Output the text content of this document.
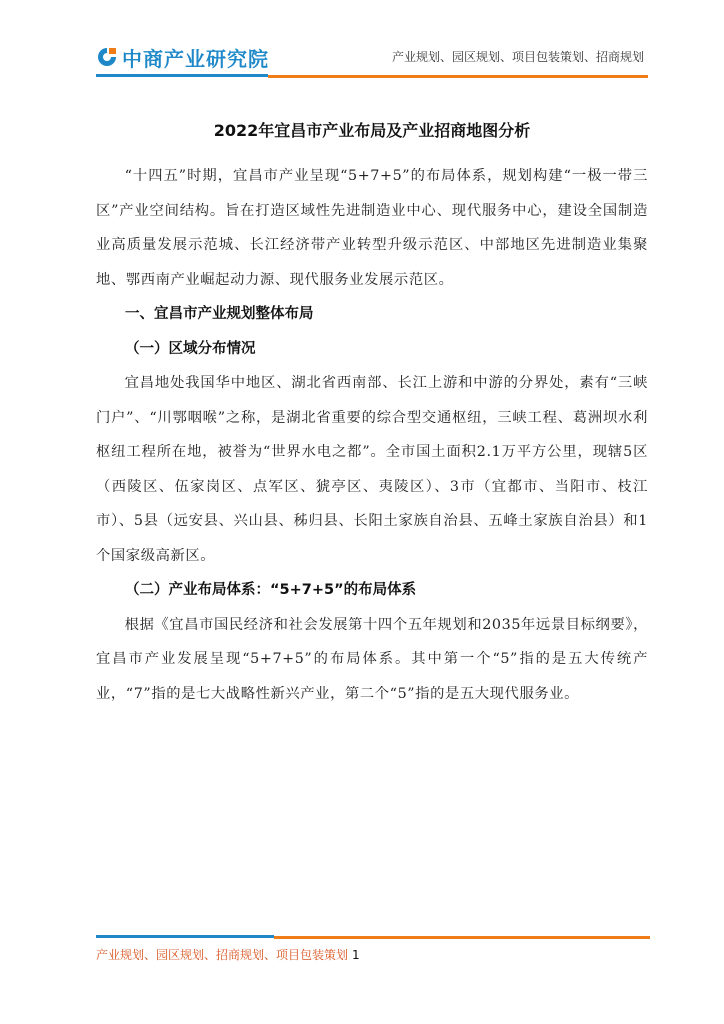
中商产业研究院	产业规划、园区规划、项目包装策划、招商规划
2022年宜昌市产业布局及产业招商地图分析

“十四五”时期，宜昌市产业呈现“5+7+5”的布局体系，规划构建“一极一带三区”产业空间结构。旨在打造区域性先进制造业中心、现代服务中心，建设全国制造业高质量发展示范城、长江经济带产业转型升级示范区、中部地区先进制造业集聚地、鄂西南产业崛起动力源、现代服务业发展示范区。

一、宜昌市产业规划整体布局

（一）区域分布情况

宜昌地处我国华中地区、湖北省西南部、长江上游和中游的分界处，素有“三峡门户”、“川鄂咽喉”之称，是湖北省重要的综合型交通枢纽，三峡工程、葛洲坝水利枢纽工程所在地，被誉为“世界水电之都”。全市国土面积2.1万平方公里，现辖5区（西陵区、伍家岗区、点军区、猇亭区、夷陵区）、3市（宜都市、当阳市、枝江市）、5县（远安县、兴山县、秭归县、长阳土家族自治县、五峰土家族自治县）和1个国家级高新区。

（二）产业布局体系：“5+7+5”的布局体系

根据《宜昌市国民经济和社会发展第十四个五年规划和2035年远景目标纲要》，宜昌市产业发展呈现“5+7+5”的布局体系。其中第一个“5”指的是五大传统产业，“7”指的是七大战略性新兴产业，第二个“5”指的是五大现代服务业。

产业规划、园区规划、招商规划、项目包装策划 1
